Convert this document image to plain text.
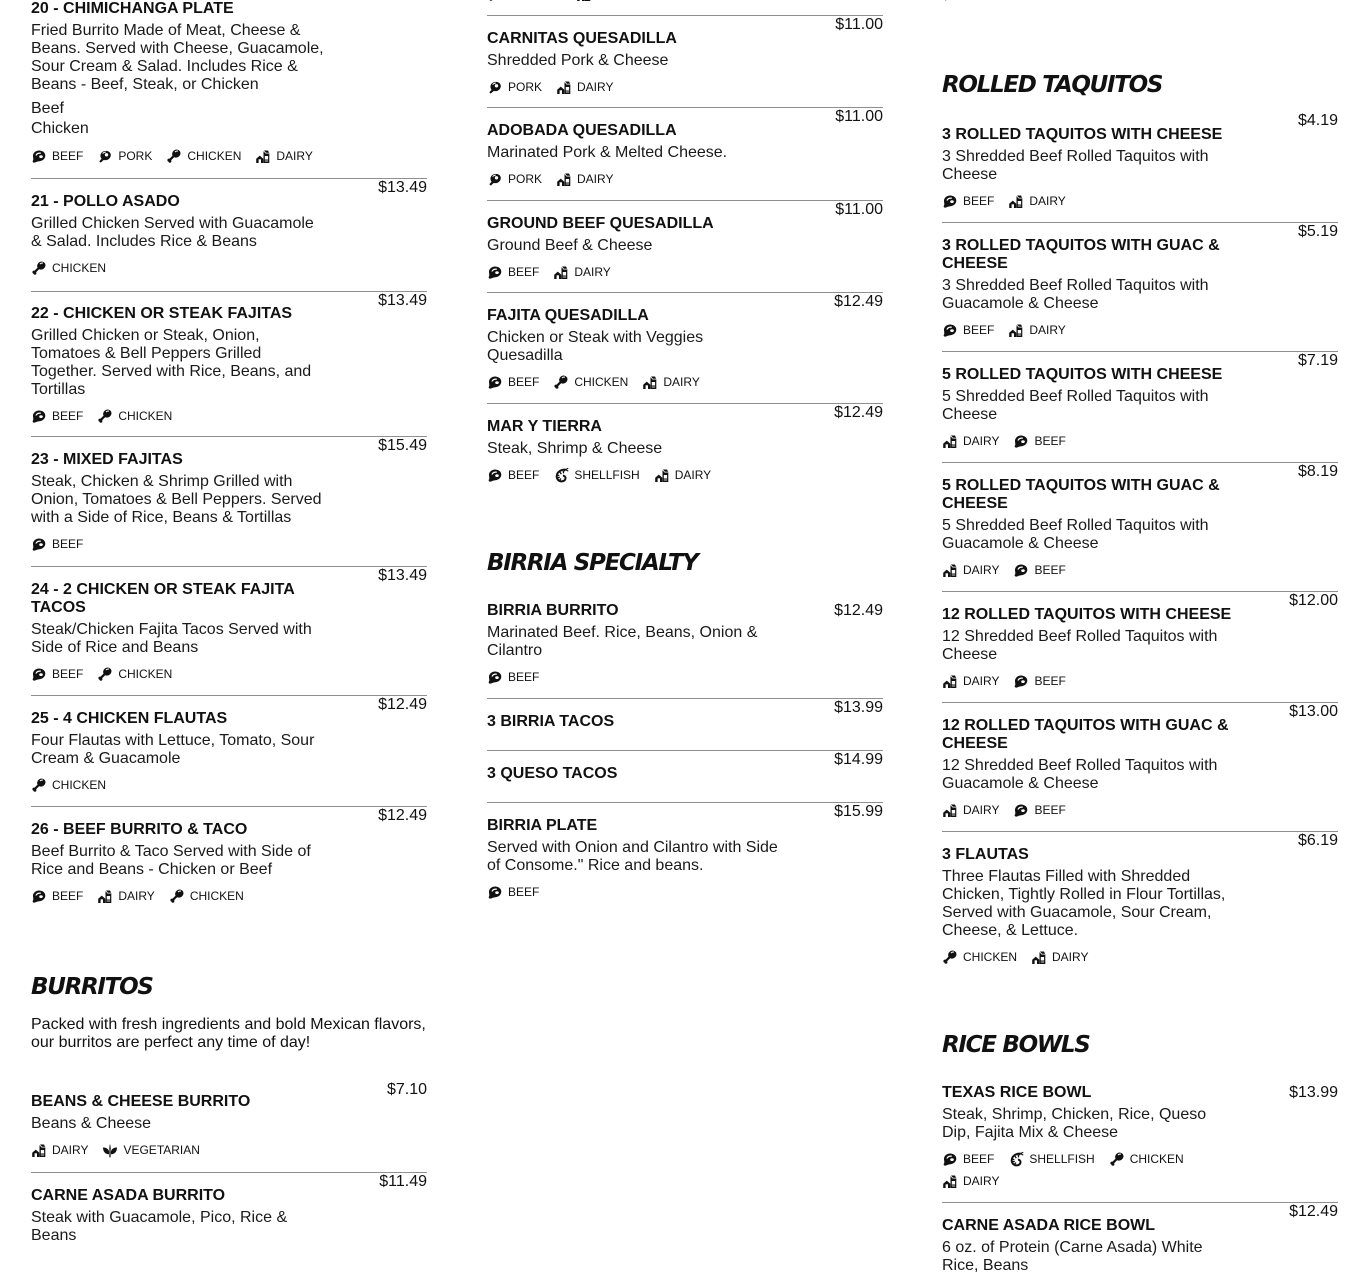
20 - CHIMICHANGA PLATE
Fried Burrito Made of Meat, Cheese & Beans. Served with Cheese, Guacamole, Sour Cream & Salad. Includes Rice & Beans - Beef, Steak, or Chicken
Beef
Chicken
BEEF	PORK	CHICKEN	DAIRY
21 - POLLO ASADO
$13.49
Grilled Chicken Served with Guacamole & Salad. Includes Rice & Beans
CHICKEN
22 - CHICKEN OR STEAK FAJITAS
$13.49
Grilled Chicken or Steak, Onion, Tomatoes & Bell Peppers Grilled Together. Served with Rice, Beans, and Tortillas
BEEF	CHICKEN
23 - MIXED FAJITAS
$15.49
Steak, Chicken & Shrimp Grilled with Onion, Tomatoes & Bell Peppers. Served with a Side of Rice, Beans & Tortillas
BEEF
24 - 2 CHICKEN OR STEAK FAJITA TACOS
$13.49
Steak/Chicken Fajita Tacos Served with Side of Rice and Beans
BEEF	CHICKEN
25 - 4 CHICKEN FLAUTAS
$12.49
Four Flautas with Lettuce, Tomato, Sour Cream & Guacamole
CHICKEN
26 - BEEF BURRITO & TACO
$12.49
Beef Burrito & Taco Served with Side of Rice and Beans - Chicken or Beef
BEEF	DAIRY	CHICKEN
BURRITOS
Packed with fresh ingredients and bold Mexican flavors, our burritos are perfect any time of day!
BEANS & CHEESE BURRITO
$7.10
Beans & Cheese
DAIRY	VEGETARIAN
CARNE ASADA BURRITO
$11.49
Steak with Guacamole, Pico, Rice & Beans
CARNITAS QUESADILLA
$11.00
Shredded Pork & Cheese
PORK	DAIRY
ADOBADA QUESADILLA
$11.00
Marinated Pork & Melted Cheese.
PORK	DAIRY
GROUND BEEF QUESADILLA
$11.00
Ground Beef & Cheese
BEEF	DAIRY
FAJITA QUESADILLA
$12.49
Chicken or Steak with Veggies Quesadilla
BEEF	CHICKEN	DAIRY
MAR Y TIERRA
$12.49
Steak, Shrimp & Cheese
BEEF	SHELLFISH	DAIRY
BIRRIA SPECIALTY
BIRRIA BURRITO	$12.49
Marinated Beef. Rice, Beans, Onion & Cilantro
BEEF
3 BIRRIA TACOS
$13.99
3 QUESO TACOS
$14.99
BIRRIA PLATE
$15.99
Served with Onion and Cilantro with Side of Consome." Rice and beans.
BEEF
ROLLED TAQUITOS
3 ROLLED TAQUITOS WITH CHEESE
$4.19
3 Shredded Beef Rolled Taquitos with Cheese
BEEF	DAIRY
3 ROLLED TAQUITOS WITH GUAC & CHEESE
$5.19
3 Shredded Beef Rolled Taquitos with Guacamole & Cheese
BEEF	DAIRY
5 ROLLED TAQUITOS WITH CHEESE
$7.19
5 Shredded Beef Rolled Taquitos with Cheese
DAIRY	BEEF
5 ROLLED TAQUITOS WITH GUAC & CHEESE
$8.19
5 Shredded Beef Rolled Taquitos with Guacamole & Cheese
DAIRY	BEEF
12 ROLLED TAQUITOS WITH CHEESE
$12.00
12 Shredded Beef Rolled Taquitos with Cheese
DAIRY	BEEF
12 ROLLED TAQUITOS WITH GUAC & CHEESE
$13.00
12 Shredded Beef Rolled Taquitos with Guacamole & Cheese
DAIRY	BEEF
3 FLAUTAS
$6.19
Three Flautas Filled with Shredded Chicken, Tightly Rolled in Flour Tortillas, Served with Guacamole, Sour Cream, Cheese, & Lettuce.
CHICKEN	DAIRY
RICE BOWLS
TEXAS RICE BOWL	$13.99
Steak, Shrimp, Chicken, Rice, Queso Dip, Fajita Mix & Cheese
BEEF	SHELLFISH	CHICKEN
DAIRY
CARNE ASADA RICE BOWL
$12.49
6 oz. of Protein (Carne Asada) White Rice, Beans
